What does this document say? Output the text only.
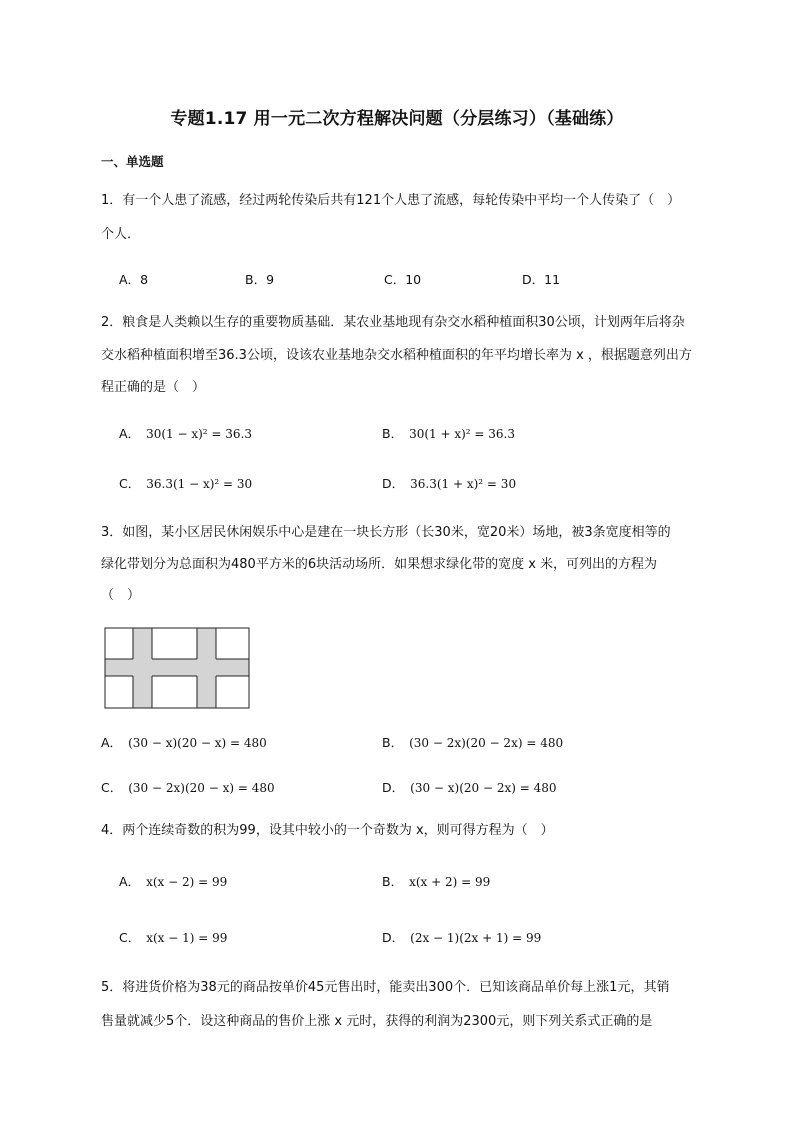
专题1.17 用一元二次方程解决问题（分层练习）（基础练）
一、单选题
1．有一个人患了流感，经过两轮传染后共有121个人患了流感，每轮传染中平均一个人传染了（　）
个人．
A．8	B．9	C．10	D．11
2．粮食是人类赖以生存的重要物质基础．某农业基地现有杂交水稻种植面积30公顷，计划两年后将杂
交水稻种植面积增至36.3公顷，设该农业基地杂交水稻种植面积的年平均增长率为 x ，根据题意列出方
程正确的是（　）
A． 30(1 − x)² = 36.3	B． 30(1 + x)² = 36.3
C． 36.3(1 − x)² = 30	D． 36.3(1 + x)² = 30
3．如图，某小区居民休闲娱乐中心是建在一块长方形（长30米，宽20米）场地，被3条宽度相等的
绿化带划分为总面积为480平方米的6块活动场所．如果想求绿化带的宽度 x 米，可列出的方程为
（　）
A． (30 − x)(20 − x) = 480	B． (30 − 2x)(20 − 2x) = 480
C． (30 − 2x)(20 − x) = 480	D． (30 − x)(20 − 2x) = 480
4．两个连续奇数的积为99，设其中较小的一个奇数为 x，则可得方程为（　）
A． x(x − 2) = 99	B． x(x + 2) = 99
C． x(x − 1) = 99	D． (2x − 1)(2x + 1) = 99
5．将进货价格为38元的商品按单价45元售出时，能卖出300个．已知该商品单价每上涨1元，其销
售量就减少5个．设这种商品的售价上涨 x 元时，获得的利润为2300元，则下列关系式正确的是
